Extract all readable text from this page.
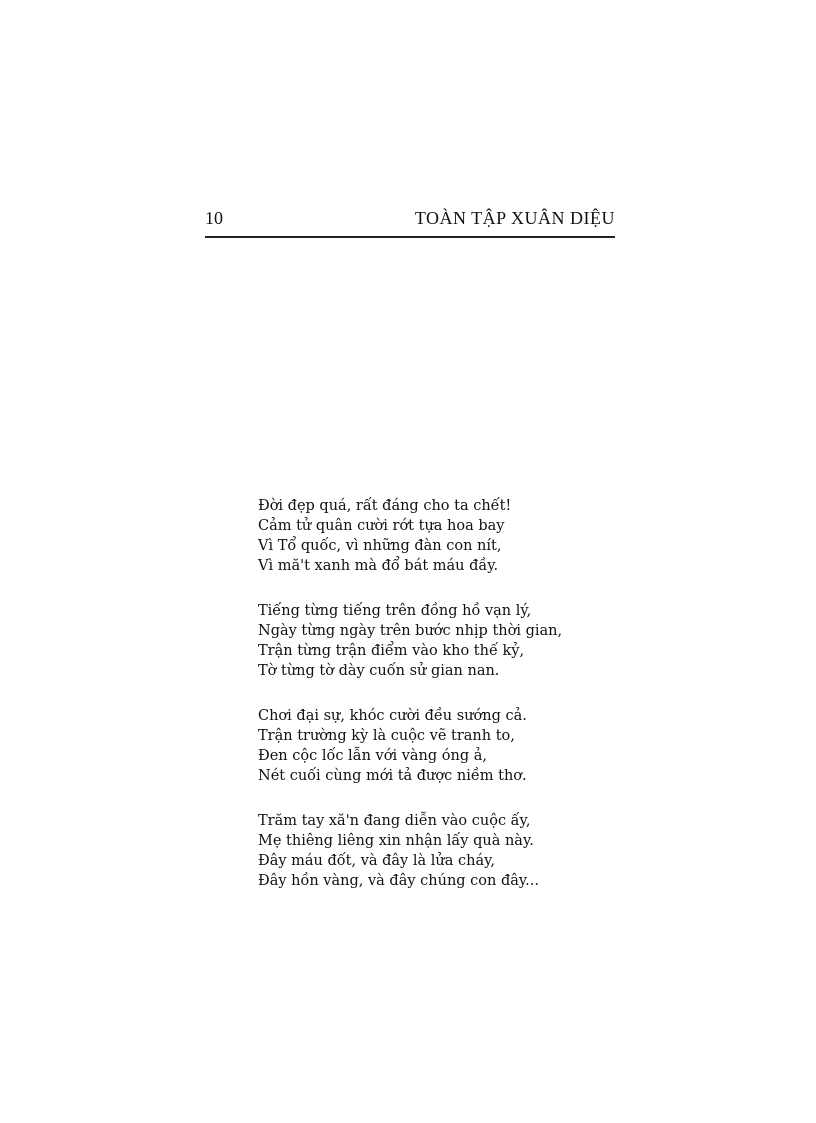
10	TOÀN TẬP XUÂN DIỆU
Đời đẹp quá, rất đáng cho ta chết!
Cảm tử quân cười rớt tựa hoa bay
Vì Tổ quốc, vì những đàn con nít,
Vì mă't xanh mà đổ bát máu đầy.
Tiếng từng tiếng trên đồng hồ vạn lý,
Ngày từng ngày trên bước nhịp thời gian,
Trận từng trận điểm vào kho thế kỷ,
Tờ từng tờ dày cuốn sử gian nan.
Chơi đại sự, khóc cười đều sướng cả.
Trận trường kỳ là cuộc vẽ tranh to,
Đen cộc lốc lẫn với vàng óng ả,
Nét cuối cùng mới tả được niềm thơ.
Trăm tay xă'n đang diễn vào cuộc ấy,
Mẹ thiêng liêng xin nhận lấy quà này.
Đây máu đốt, và đây là lửa cháy,
Đây hồn vàng, và đây chúng con đây...
